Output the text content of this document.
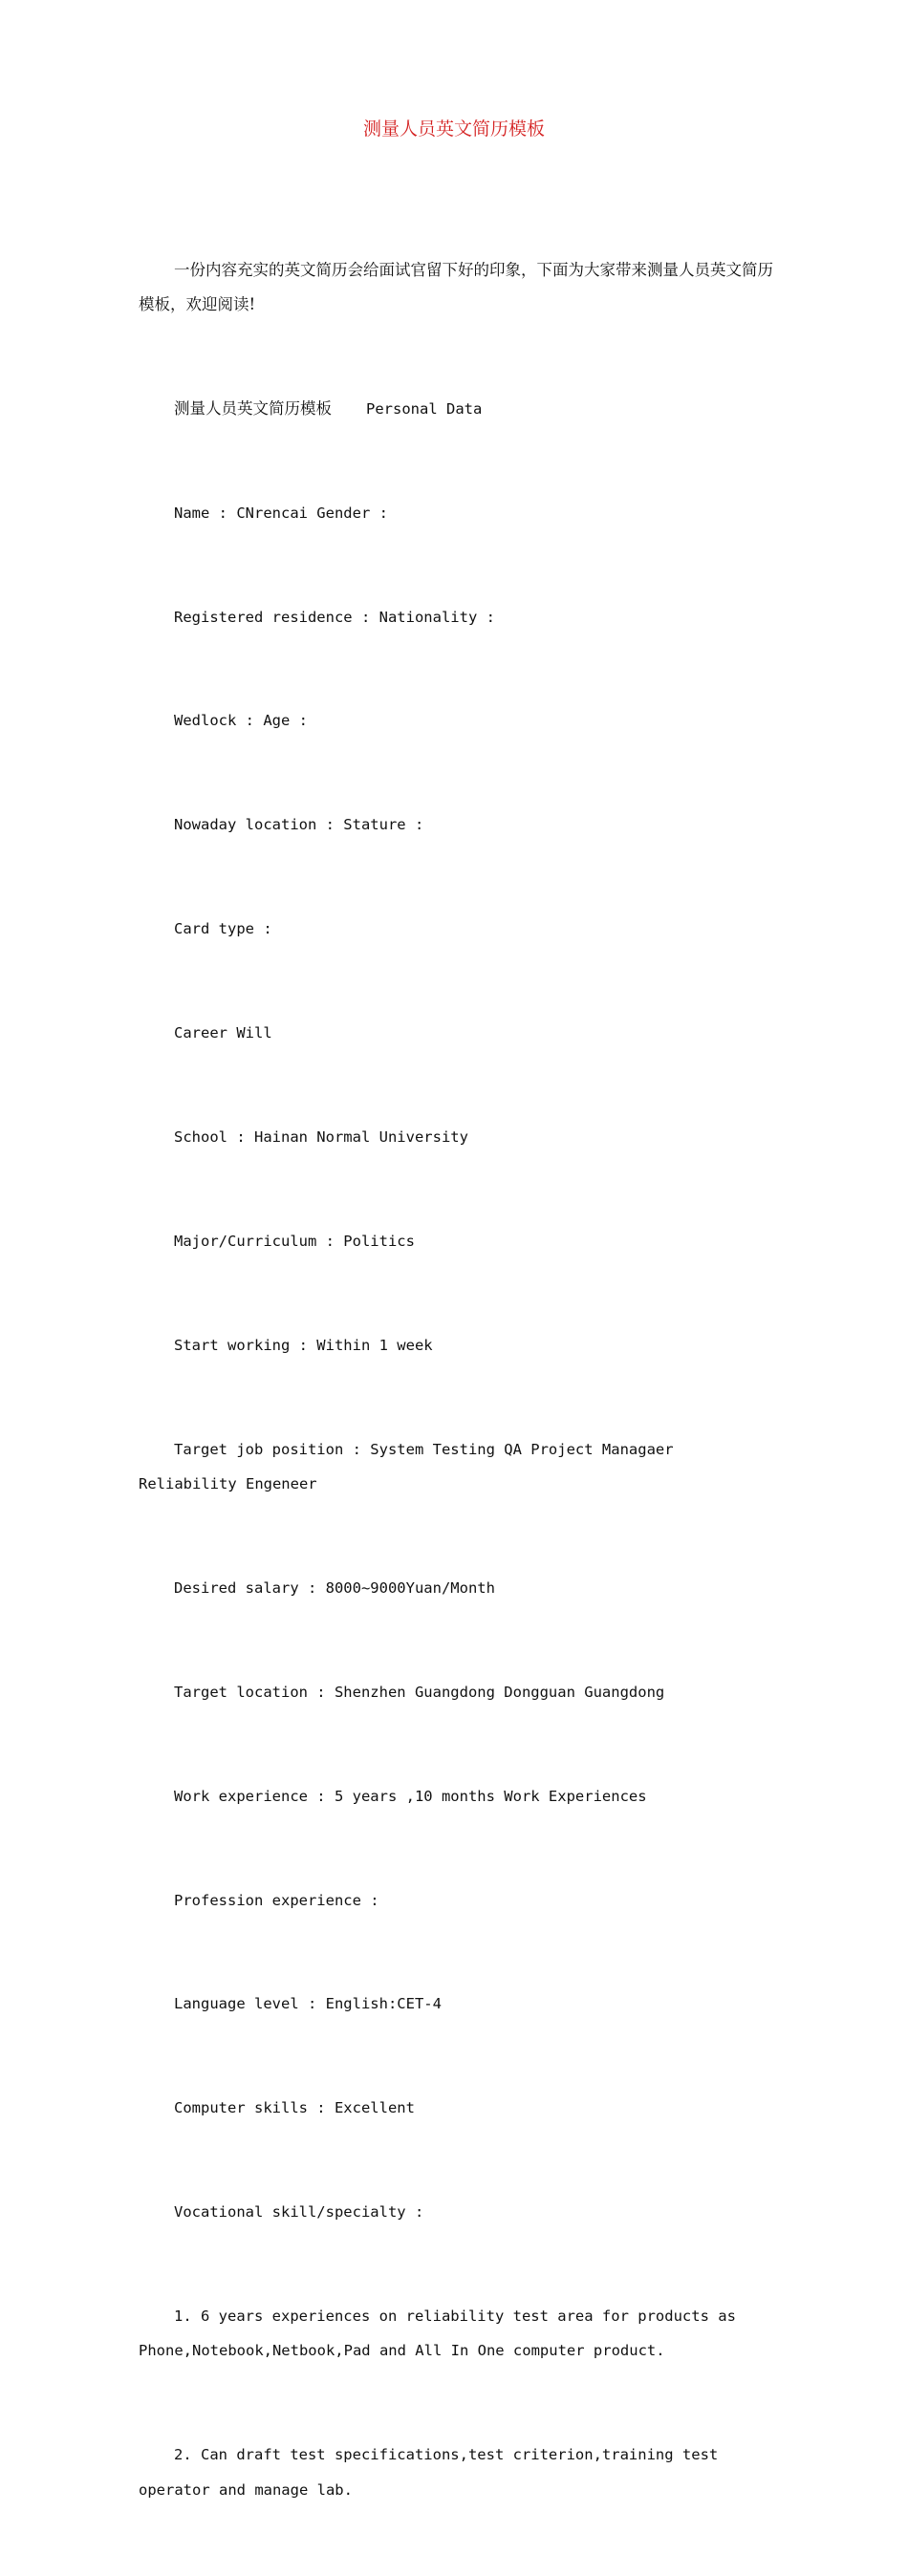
测量人员英文简历模板

一份内容充实的英文简历会给面试官留下好的印象，下面为大家带来测量人员英文简历模板，欢迎阅读!

测量人员英文简历模板 Personal Data

Name : CNrencai Gender :

Registered residence : Nationality :

Wedlock : Age :

Nowaday location : Stature :

Card type :

Career Will

School : Hainan Normal University

Major/Curriculum : Politics

Start working : Within 1 week

Target job position : System Testing QA Project Managaer Reliability Engeneer

Desired salary : 8000~9000Yuan/Month

Target location : Shenzhen Guangdong Dongguan Guangdong

Work experience : 5 years ,10 months Work Experiences

Profession experience :

Language level : English:CET-4

Computer skills : Excellent

Vocational skill/specialty :

1. 6 years experiences on reliability test area for products as Phone,Notebook,Netbook,Pad and All In One computer product.

2. Can draft test specifications,test criterion,training test operator and manage lab.
